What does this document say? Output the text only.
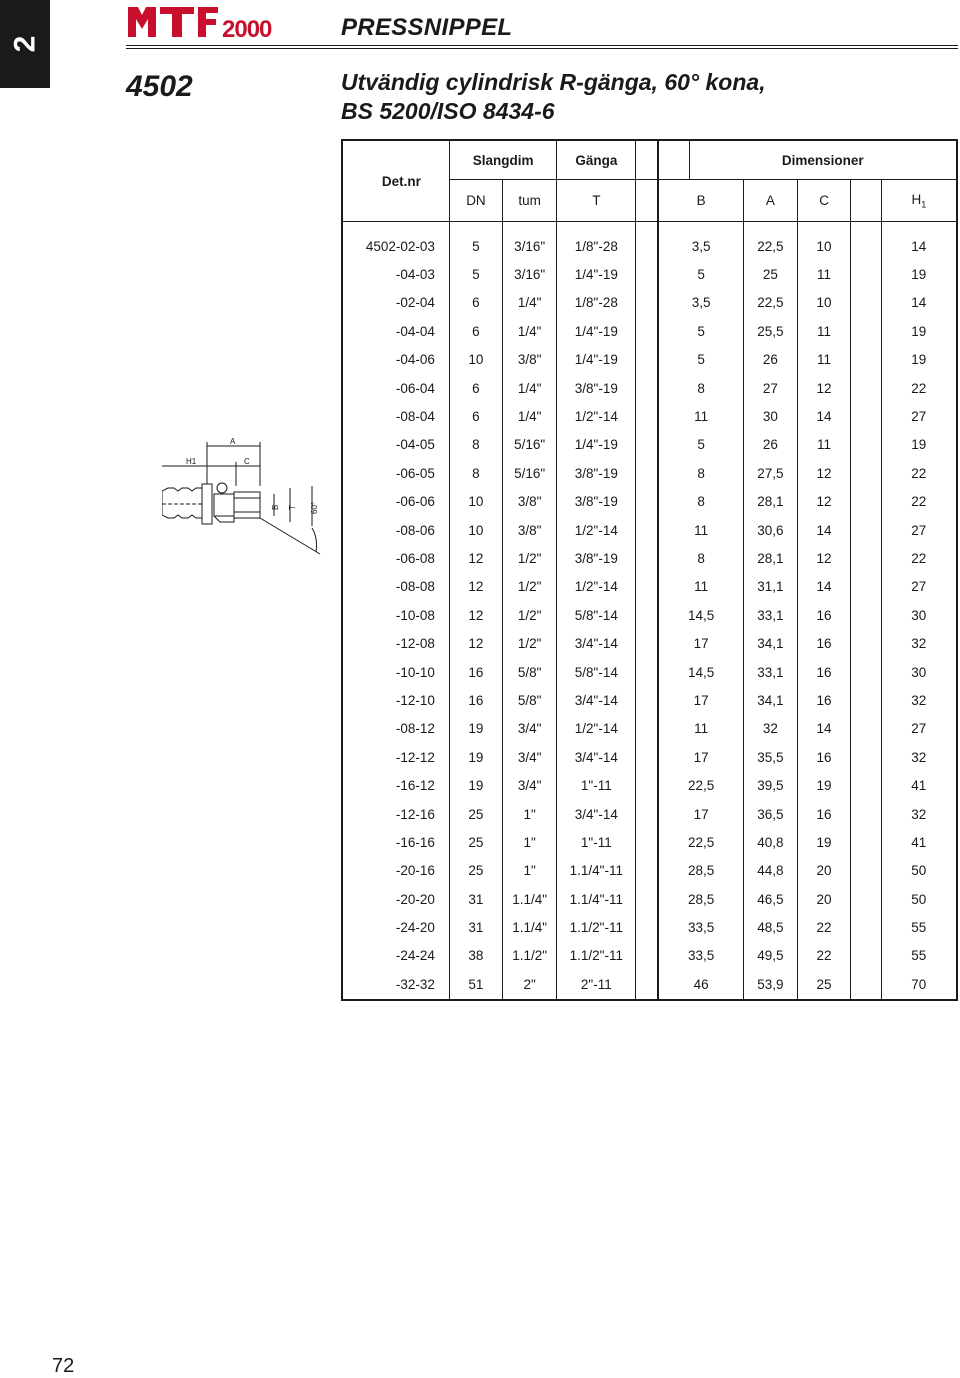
2
2000	PRESSNIPPEL
4502	Utvändig cylindrisk R-gänga, 60° kona,
BS 5200/ISO 8434-6
A
H1	C
B T 60°
Det.nr	Slangdim		Gänga			Dimensioner				
	DN	tum	T		B		A	C		$H_1$
4502-02-03	5	3/16"	1/8"-28		3,5		22,5	10		14
-04-03	5	3/16"	1/4"-19		5		25	11		19
-02-04	6	1/4"	1/8"-28		3,5		22,5	10		14
-04-04	6	1/4"	1/4"-19		5		25,5	11		19
-04-06	10	3/8"	1/4"-19		5		26	11		19
-06-04	6	1/4"	3/8"-19		8		27	12		22
-08-04	6	1/4"	1/2"-14		11		30	14		27
-04-05	8	5/16"	1/4"-19		5		26	11		19
-06-05	8	5/16"	3/8"-19		8		27,5	12		22
-06-06	10	3/8"	3/8"-19		8		28,1	12		22
-08-06	10	3/8"	1/2"-14		11		30,6	14		27
-06-08	12	1/2"	3/8"-19		8		28,1	12		22
-08-08	12	1/2"	1/2"-14		11		31,1	14		27
-10-08	12	1/2"	5/8"-14		14,5		33,1	16		30
-12-08	12	1/2"	3/4"-14		17		34,1	16		32
-10-10	16	5/8"	5/8"-14		14,5		33,1	16		30
-12-10	16	5/8"	3/4"-14		17		34,1	16		32
-08-12	19	3/4"	1/2"-14		11		32	14		27
-12-12	19	3/4"	3/4"-14		17		35,5	16		32
-16-12	19	3/4"	1"-11		22,5		39,5	19		41
-12-16	25	1"	3/4"-14		17		36,5	16		32
-16-16	25	1"	1"-11		22,5		40,8	19		41
-20-16	25	1"	1.1/4"-11		28,5		44,8	20		50
-20-20	31	1.1/4"	1.1/4"-11		28,5		46,5	20		50
-24-20	31	1.1/4"	1.1/2"-11		33,5		48,5	22		55
-24-24	38	1.1/2"	1.1/2"-11		33,5		49,5	22		55
-32-32	51	2"	2"-11		46		53,9	25		70
72
